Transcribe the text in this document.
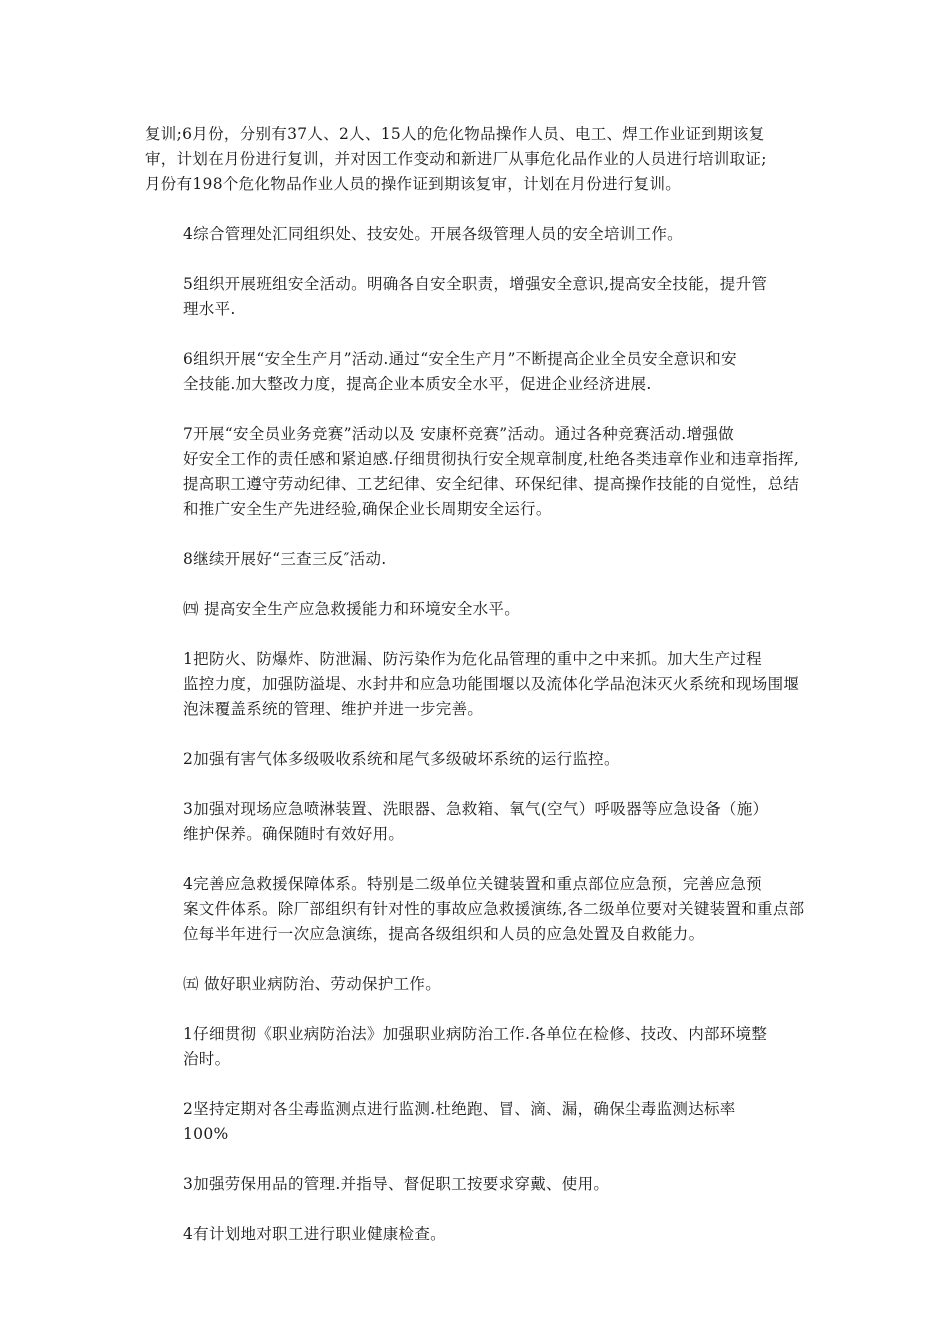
复训;6月份，分别有37人、2人、15人的危化物品操作人员、电工、焊工作业证到期该复
审，计划在月份进行复训，并对因工作变动和新进厂从事危化品作业的人员进行培训取证;
月份有198个危化物品作业人员的操作证到期该复审，计划在月份进行复训。

4综合管理处汇同组织处、技安处。开展各级管理人员的安全培训工作。

5组织开展班组安全活动。明确各自安全职责，增强安全意识,提高安全技能，提升管
理水平.

6组织开展“安全生产月”活动.通过“安全生产月”不断提高企业全员安全意识和安
全技能.加大整改力度，提高企业本质安全水平，促进企业经济进展.

7开展“安全员业务竞赛”活动以及 安康杯竞赛”活动。通过各种竞赛活动.增强做
好安全工作的责任感和紧迫感.仔细贯彻执行安全规章制度,杜绝各类违章作业和违章指挥,
提高职工遵守劳动纪律、工艺纪律、安全纪律、环保纪律、提高操作技能的自觉性，总结
和推广安全生产先进经验,确保企业长周期安全运行。

8继续开展好“三查三反″活动.

㈣ 提高安全生产应急救援能力和环境安全水平。

1把防火、防爆炸、防泄漏、防污染作为危化品管理的重中之中来抓。加大生产过程
监控力度，加强防溢堤、水封井和应急功能围堰以及流体化学品泡沫灭火系统和现场围堰
泡沫覆盖系统的管理、维护并进一步完善。

2加强有害气体多级吸收系统和尾气多级破坏系统的运行监控。

3加强对现场应急喷淋装置、洗眼器、急救箱、氧气(空气）呼吸器等应急设备（施）
维护保养。确保随时有效好用。

4完善应急救援保障体系。特别是二级单位关键装置和重点部位应急预，完善应急预
案文件体系。除厂部组织有针对性的事故应急救援演练,各二级单位要对关键装置和重点部
位每半年进行一次应急演练，提高各级组织和人员的应急处置及自救能力。

㈤ 做好职业病防治、劳动保护工作。

1仔细贯彻《职业病防治法》加强职业病防治工作.各单位在检修、技改、内部环境整
治时。

2坚持定期对各尘毒监测点进行监测.杜绝跑、冒、滴、漏，确保尘毒监测达标率
100%

3加强劳保用品的管理.并指导、督促职工按要求穿戴、使用。

4有计划地对职工进行职业健康检查。
